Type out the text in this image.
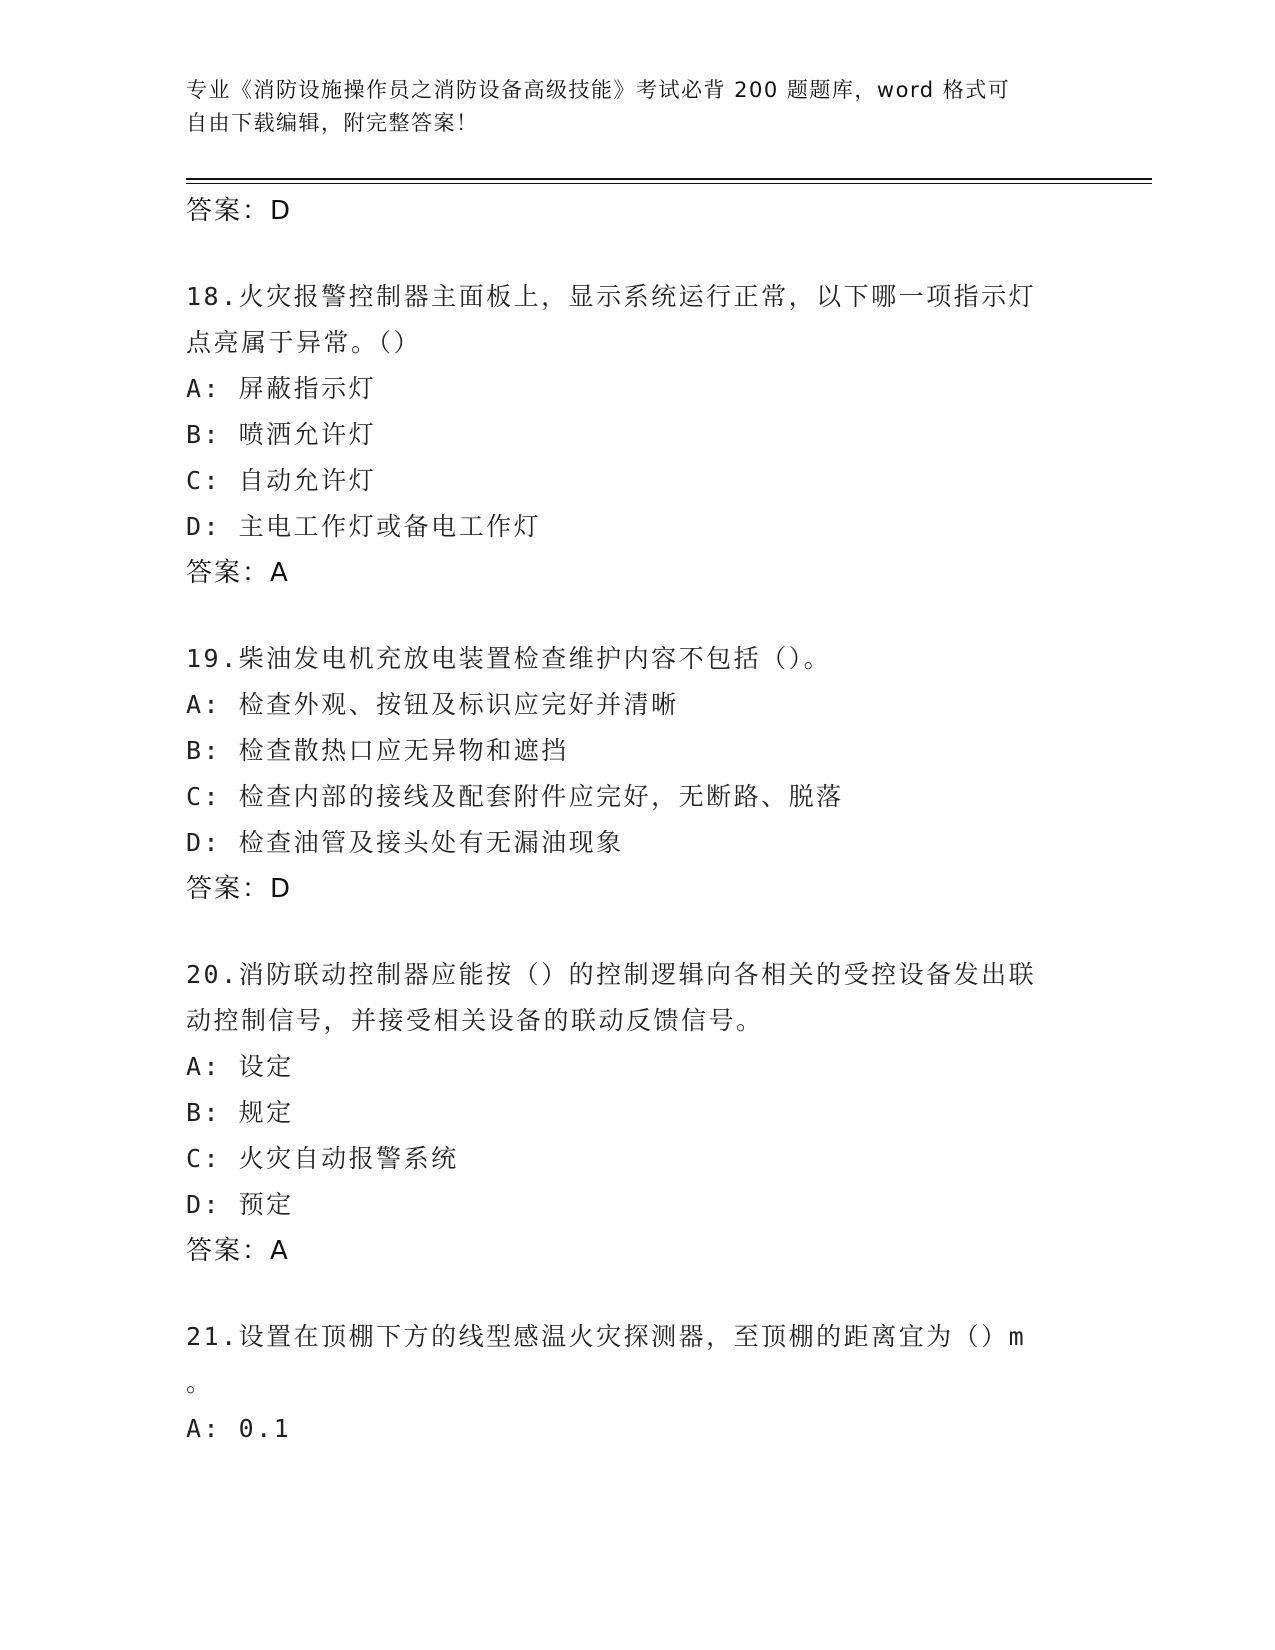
专业《消防设施操作员之消防设备高级技能》考试必背 200 题题库，word 格式可
自由下载编辑，附完整答案！
答案：D
18.火灾报警控制器主面板上，显示系统运行正常，以下哪一项指示灯
点亮属于异常。（）
A: 屏蔽指示灯
B: 喷洒允许灯
C: 自动允许灯
D: 主电工作灯或备电工作灯
答案：A
19.柴油发电机充放电装置检查维护内容不包括（）。
A: 检查外观、按钮及标识应完好并清晰
B: 检查散热口应无异物和遮挡
C: 检查内部的接线及配套附件应完好，无断路、脱落
D: 检查油管及接头处有无漏油现象
答案：D
20.消防联动控制器应能按（）的控制逻辑向各相关的受控设备发出联
动控制信号，并接受相关设备的联动反馈信号。
A: 设定
B: 规定
C: 火灾自动报警系统
D: 预定
答案：A
21.设置在顶棚下方的线型感温火灾探测器，至顶棚的距离宜为（）m
。
A: 0.1
